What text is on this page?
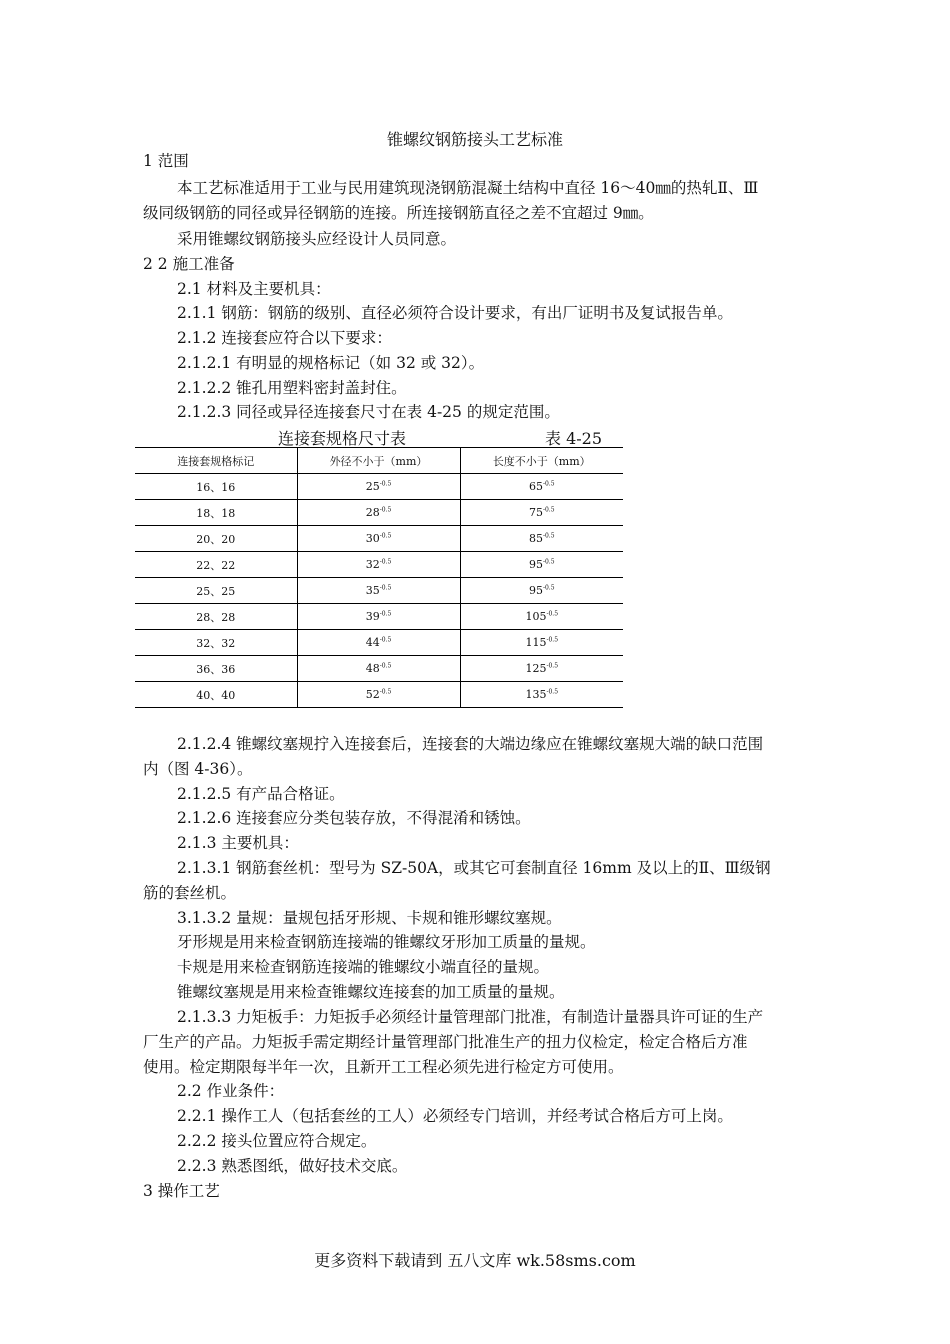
锥螺纹钢筋接头工艺标准
1 范围
本工艺标准适用于工业与民用建筑现浇钢筋混凝土结构中直径 16～40㎜的热轧Ⅱ、Ⅲ
级同级钢筋的同径或异径钢筋的连接。所连接钢筋直径之差不宜超过 9㎜。
采用锥螺纹钢筋接头应经设计人员同意。
2 2 施工准备
2.1 材料及主要机具：
2.1.1 钢筋：钢筋的级别、直径必须符合设计要求，有出厂证明书及复试报告单。
2.1.2 连接套应符合以下要求：
2.1.2.1 有明显的规格标记（如 32 或 32）。
2.1.2.2 锥孔用塑料密封盖封住。
2.1.2.3 同径或异径连接套尺寸在表 4-25 的规定范围。
连接套规格尺寸表	表 4-25
连接套规格标记	外径不小于（mm）	长度不小于（mm）
16、16	$25^{-0.5}$	$65^{-0.5}$
18、18	$28^{-0.5}$	$75^{-0.5}$
20、20	$30^{-0.5}$	$85^{-0.5}$
22、22	$32^{-0.5}$	$95^{-0.5}$
25、25	$35^{-0.5}$	$95^{-0.5}$
28、28	$39^{-0.5}$	$105^{-0.5}$
32、32	$44^{-0.5}$	$115^{-0.5}$
36、36	$48^{-0.5}$	$125^{-0.5}$
40、40	$52^{-0.5}$	$135^{-0.5}$
2.1.2.4 锥螺纹塞规拧入连接套后，连接套的大端边缘应在锥螺纹塞规大端的缺口范围
内（图 4-36）。
2.1.2.5 有产品合格证。
2.1.2.6 连接套应分类包装存放，不得混淆和锈蚀。
2.1.3 主要机具：
2.1.3.1 钢筋套丝机：型号为 SZ-50A，或其它可套制直径 16mm 及以上的Ⅱ、Ⅲ级钢
筋的套丝机。
3.1.3.2 量规：量规包括牙形规、卡规和锥形螺纹塞规。
牙形规是用来检查钢筋连接端的锥螺纹牙形加工质量的量规。
卡规是用来检查钢筋连接端的锥螺纹小端直径的量规。
锥螺纹塞规是用来检查锥螺纹连接套的加工质量的量规。
2.1.3.3 力矩板手：力矩扳手必须经计量管理部门批准，有制造计量器具许可证的生产
厂生产的产品。力矩扳手需定期经计量管理部门批准生产的扭力仪检定，检定合格后方准
使用。检定期限每半年一次，且新开工工程必须先进行检定方可使用。
2.2 作业条件：
2.2.1 操作工人（包括套丝的工人）必须经专门培训，并经考试合格后方可上岗。
2.2.2 接头位置应符合规定。
2.2.3 熟悉图纸，做好技术交底。
3 操作工艺
更多资料下载请到 五八文库 wk.58sms.com
